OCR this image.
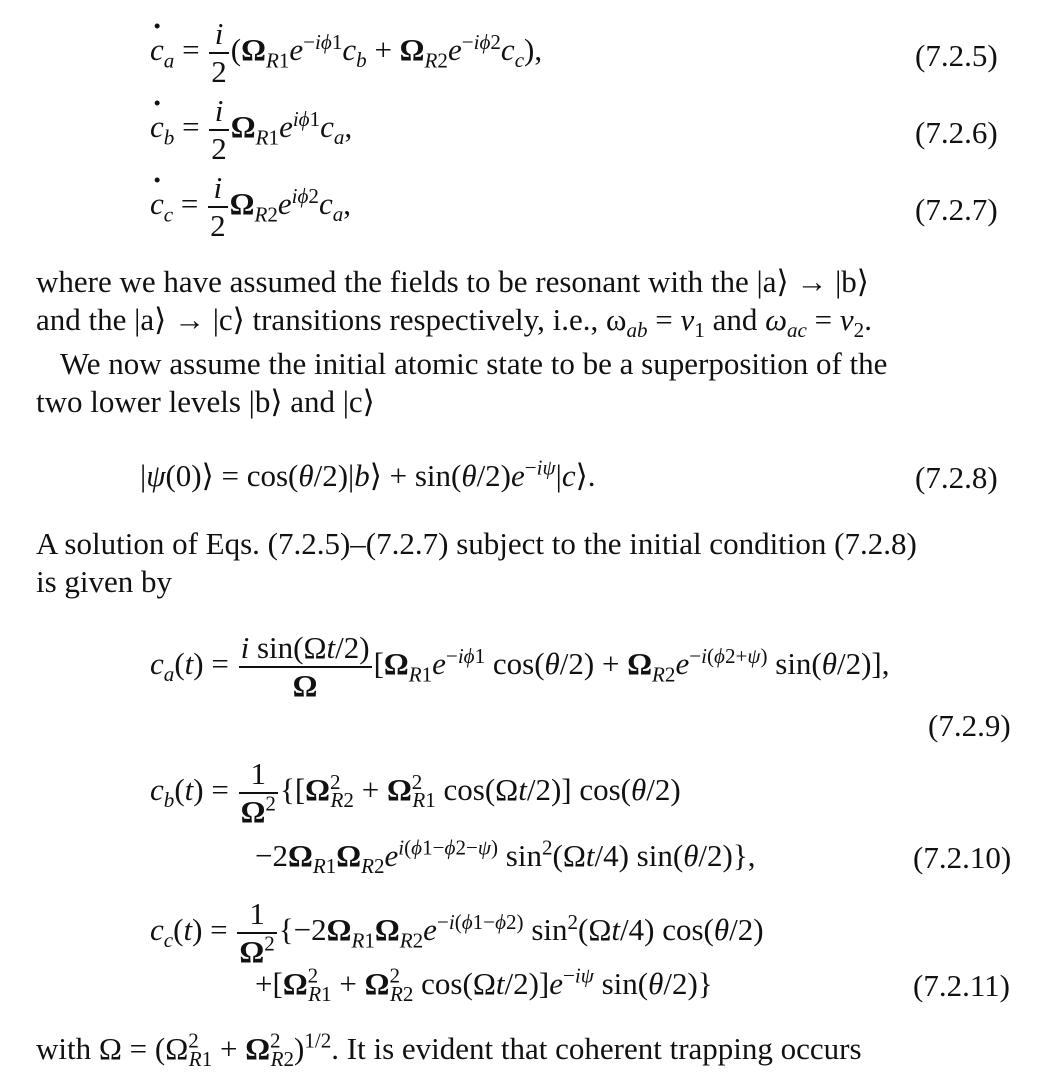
· $c_a = \frac{i}{2} (\Omega_{R1}e^{-i\phi 1}c_b + \Omega_{R2}e^{-i\phi 2}c_c)$,	(7.2.5)
· $c_b = \frac{i}{2} \Omega_{R1}e^{i\phi 1}c_a$,	(7.2.6)
· $c_c = \frac{i}{2} \Omega_{R2}e^{i\phi 2}c_a$,	(7.2.7)
where we have assumed the fields to be resonant with the |a⟩ → |b⟩
and the |a⟩ → |c⟩ transitions respectively, i.e., $\omega_{ab} = \nu_1$ and $\omega_{ac} = \nu_2$.
We now assume the initial atomic state to be a superposition of the
two lower levels |b⟩ and |c⟩
|ψ(0)⟩ = cos(θ/2)|b⟩ + $\sin(\theta/2)e^{-i\psi}|c⟩$.	(7.2.8)
A solution of Eqs. (7.2.5)–(7.2.7) subject to the initial condition (7.2.8)
is given by
$c_a(t) = \frac{\text{i sin(Ωt/2)}}{\Omega} [\Omega_{R1}e^{-i\phi 1}$ $\cos(\theta/2) + \Omega_{R2}e^{-i(\phi 2+\psi)}$ sin(θ/2)],
(7.2.9)
$c_b(t) = \frac{1}{\Omega^2} \{[\Omega^2_{R2} + \Omega^2_{R1}$ cos(Ωt/2)] cos(θ/2)
$-2\Omega_{R1}\Omega_{R2}e^{i(\phi 1-\phi 2-\psi)}$ $\sin^2(\Omega t/4)$ sin(θ/2)},	(7.2.10)
$c_c(t) = \frac{1}{\Omega^2} \{-2\Omega_{R1}\Omega_{R2}e^{-i(\phi 1-\phi 2)}$ $\sin^2(\Omega t/4)$ cos(θ/2)
$+[\Omega^2_{R1} + \Omega^2_{R2}$ $\cos(\Omega t/2)]e^{-i\psi}$ sin(θ/2)}	(7.2.11)
with $\Omega = (\Omega^2_{R1} + \Omega^2_{R2})^{1/2}$. It is evident that coherent trapping occurs
